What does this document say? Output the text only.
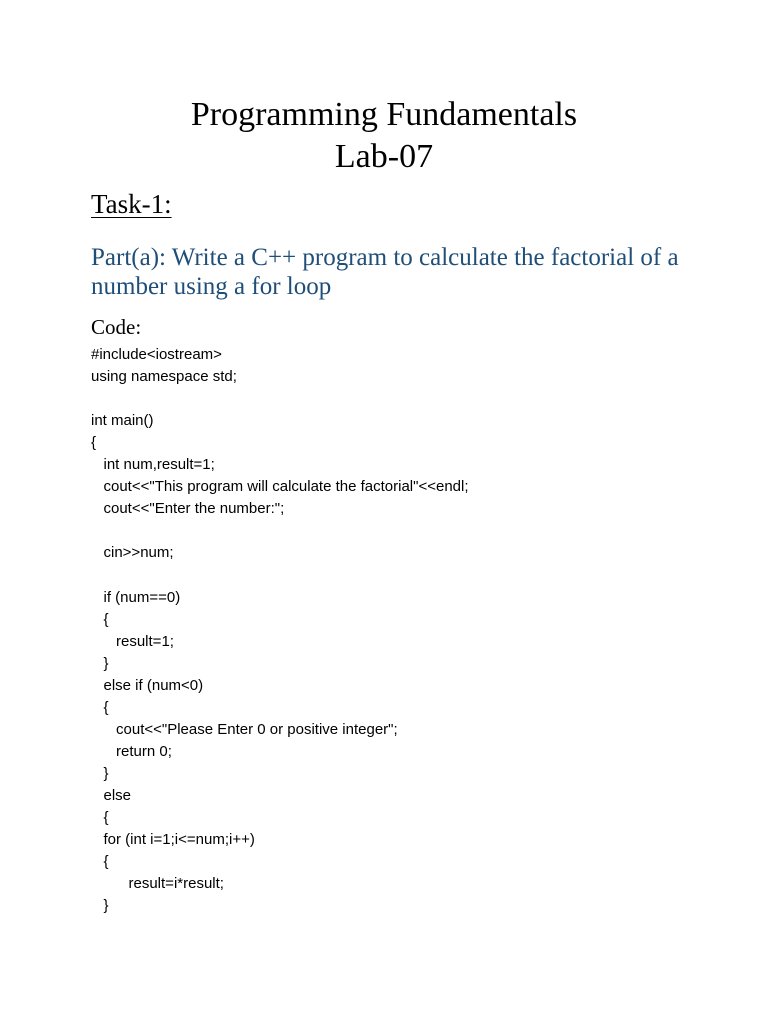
Programming Fundamentals
Lab-07
Task-1:
Part(a): Write a C++ program to calculate the factorial of a number using a for loop

Code:

#include<iostream>
using namespace std;
int main()
{
int num,result=1;
cout<<"This program will calculate the factorial"<<endl;
cout<<"Enter the number:";
cin>>num;
if (num==0)
{
result=1;
}
else if (num<0)
{
cout<<"Please Enter 0 or positive integer";
return 0;
}
else
{
for (int i=1;i<=num;i++)
{
result=i*result;
}
